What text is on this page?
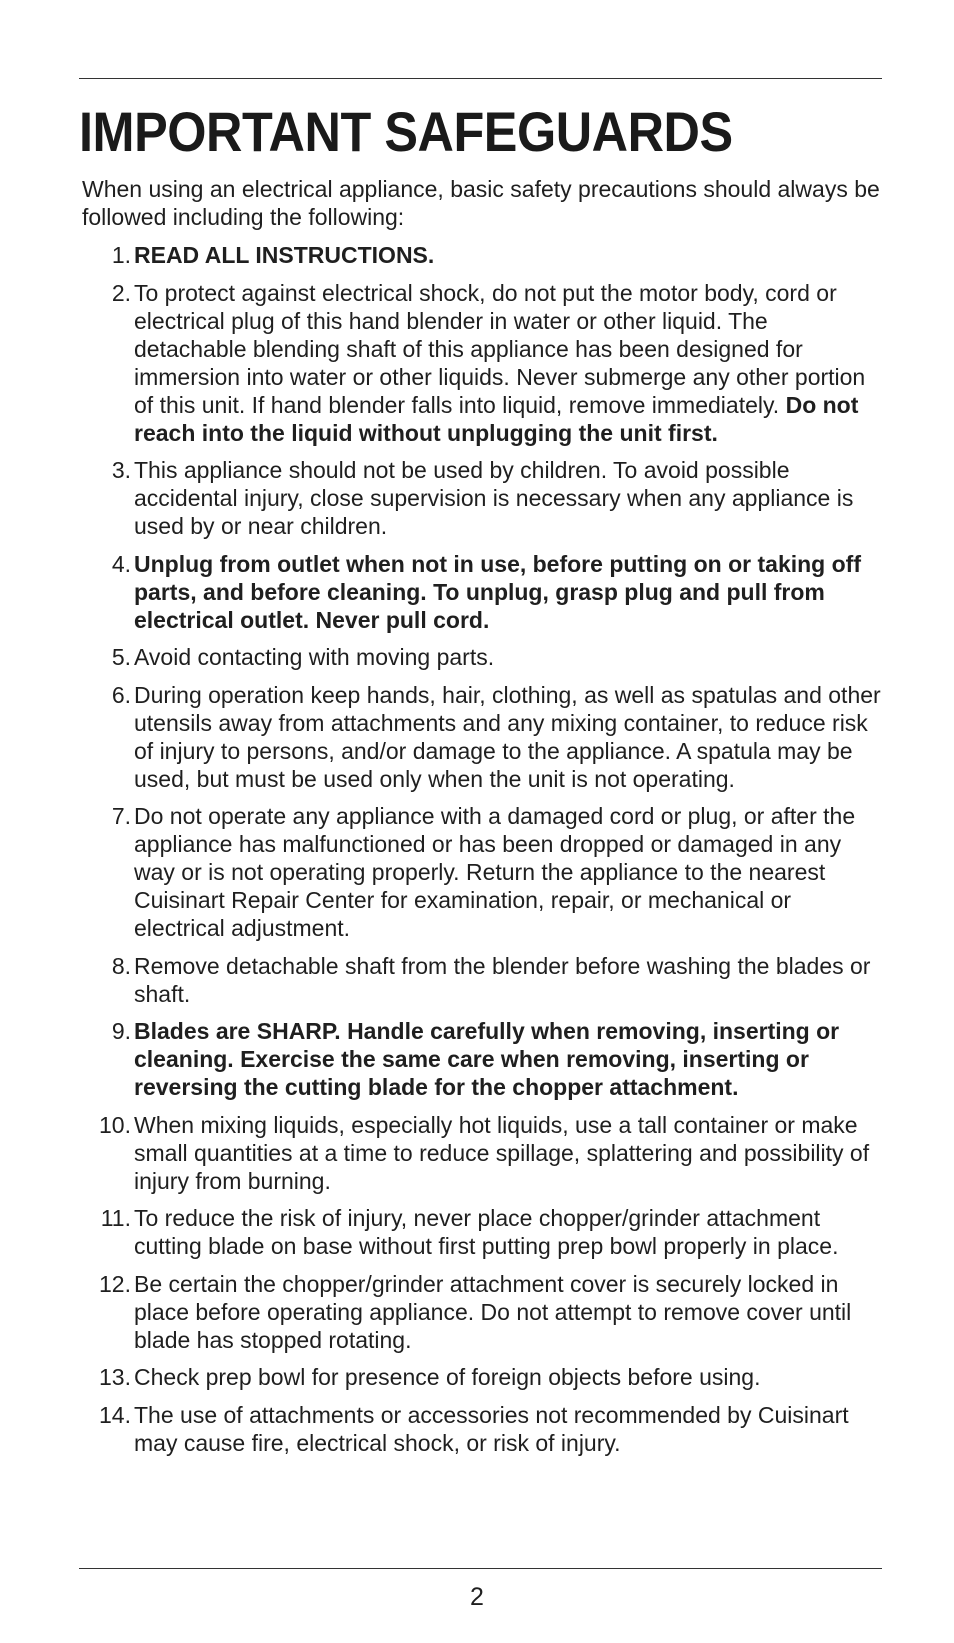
IMPORTANT SAFEGUARDS

When using an electrical appliance, basic safety precautions should always be followed including the following:

1. READ ALL INSTRUCTIONS.
2. To protect against electrical shock, do not put the motor body, cord or electrical plug of this hand blender in water or other liquid. The detachable blending shaft of this appliance has been designed for immersion into water or other liquids. Never submerge any other portion of this unit. If hand blender falls into liquid, remove immediately. Do not reach into the liquid without unplugging the unit first.
3. This appliance should not be used by children. To avoid possible accidental injury, close supervision is necessary when any appliance is used by or near children.
4. Unplug from outlet when not in use, before putting on or taking off parts, and before cleaning. To unplug, grasp plug and pull from electrical outlet. Never pull cord.
5. Avoid contacting with moving parts.
6. During operation keep hands, hair, clothing, as well as spatulas and other utensils away from attachments and any mixing container, to reduce risk of injury to persons, and/or damage to the appliance. A spatula may be used, but must be used only when the unit is not operating.
7. Do not operate any appliance with a damaged cord or plug, or after the appliance has malfunctioned or has been dropped or damaged in any way or is not operating properly. Return the appliance to the nearest Cuisinart Repair Center for examination, repair, or mechanical or electrical adjustment.
8. Remove detachable shaft from the blender before washing the blades or shaft.
9. Blades are SHARP. Handle carefully when removing, inserting or cleaning. Exercise the same care when removing, inserting or reversing the cutting blade for the chopper attachment.
10. When mixing liquids, especially hot liquids, use a tall container or make small quantities at a time to reduce spillage, splattering and possibility of injury from burning.
11. To reduce the risk of injury, never place chopper/grinder attachment cutting blade on base without first putting prep bowl properly in place.
12. Be certain the chopper/grinder attachment cover is securely locked in place before operating appliance. Do not attempt to remove cover until blade has stopped rotating.
13. Check prep bowl for presence of foreign objects before using.
14. The use of attachments or accessories not recommended by Cuisinart may cause fire, electrical shock, or risk of injury.
2
